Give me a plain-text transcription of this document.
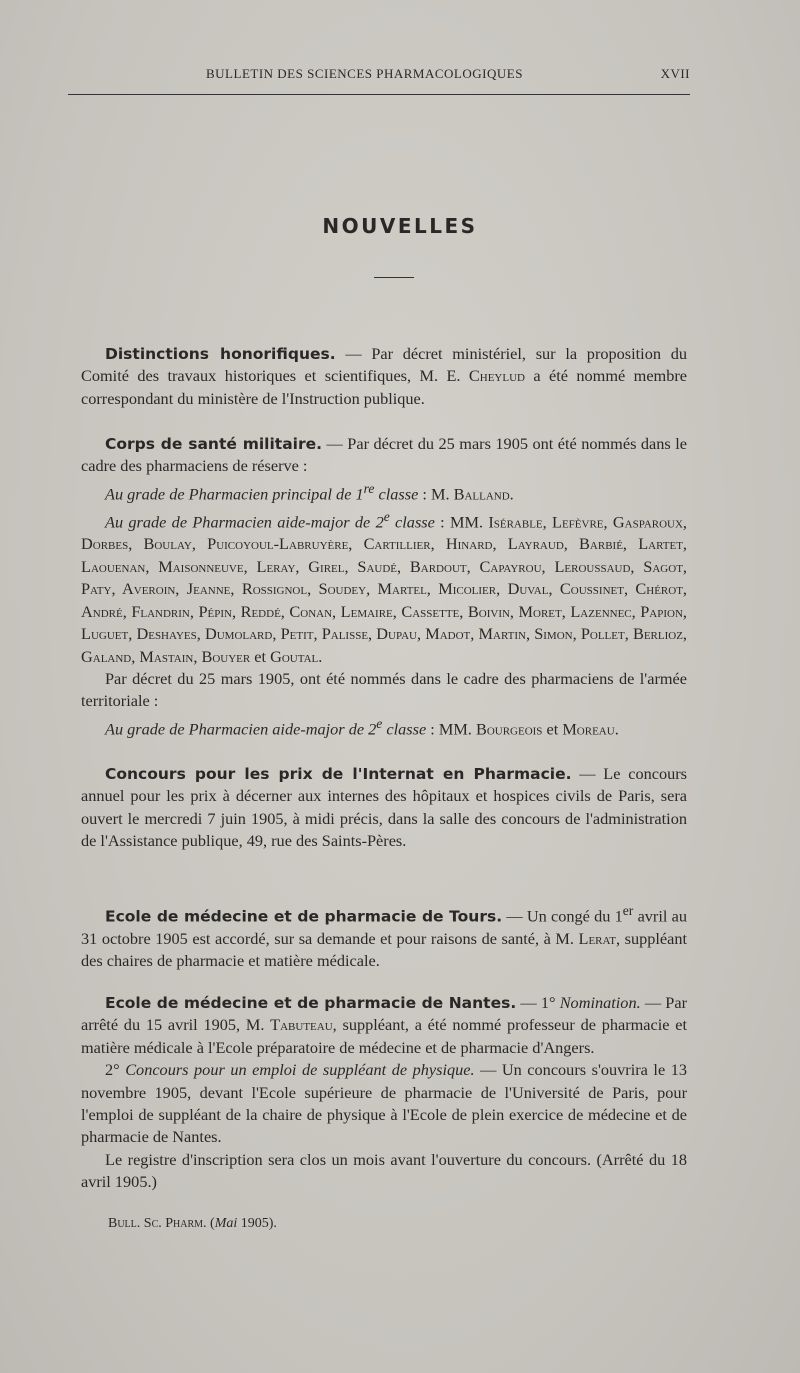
BULLETIN DES SCIENCES PHARMACOLOGIQUES	XVII
NOUVELLES

Distinctions honorifiques. — Par décret ministériel, sur la proposition du Comité des travaux historiques et scientifiques, M. E. Cheylud a été nommé membre correspondant du ministère de l'Instruction publique.

Corps de santé militaire. — Par décret du 25 mars 1905 ont été nommés dans le cadre des pharmaciens de réserve :

Au grade de Pharmacien principal de 1re classe : M. Balland.

Au grade de Pharmacien aide-major de 2e classe : MM. Isérable, Lefèvre, Gasparoux, Dorbes, Boulay, Puicoyoul-Labruyère, Cartillier, Hinard, Layraud, Barbié, Lartet, Laouenan, Maisonneuve, Leray, Girel, Saudé, Bardout, Capayrou, Leroussaud, Sagot, Paty, Averoin, Jeanne, Rossignol, Soudey, Martel, Micolier, Duval, Coussinet, Chérot, André, Flandrin, Pépin, Reddé, Conan, Lemaire, Cassette, Boivin, Moret, Lazennec, Papion, Luguet, Deshayes, Dumolard, Petit, Palisse, Dupau, Madot, Martin, Simon, Pollet, Berlioz, Galand, Mastain, Bouyer et Goutal.

Par décret du 25 mars 1905, ont été nommés dans le cadre des pharmaciens de l'armée territoriale :

Au grade de Pharmacien aide-major de 2e classe : MM. Bourgeois et Moreau.

Concours pour les prix de l'Internat en Pharmacie. — Le concours annuel pour les prix à décerner aux internes des hôpitaux et hospices civils de Paris, sera ouvert le mercredi 7 juin 1905, à midi précis, dans la salle des concours de l'administration de l'Assistance publique, 49, rue des Saints-Pères.

Ecole de médecine et de pharmacie de Tours. — Un congé du 1er avril au 31 octobre 1905 est accordé, sur sa demande et pour raisons de santé, à M. Lerat, suppléant des chaires de pharmacie et matière médicale.

Ecole de médecine et de pharmacie de Nantes. — 1° Nomination. — Par arrêté du 15 avril 1905, M. Tabuteau, suppléant, a été nommé professeur de pharmacie et matière médicale à l'Ecole préparatoire de médecine et de pharmacie d'Angers.

2° Concours pour un emploi de suppléant de physique. — Un concours s'ouvrira le 13 novembre 1905, devant l'Ecole supérieure de pharmacie de l'Université de Paris, pour l'emploi de suppléant de la chaire de physique à l'Ecole de plein exercice de médecine et de pharmacie de Nantes.

Le registre d'inscription sera clos un mois avant l'ouverture du concours. (Arrêté du 18 avril 1905.)

Bull. Sc. Pharm. (Mai 1905).
